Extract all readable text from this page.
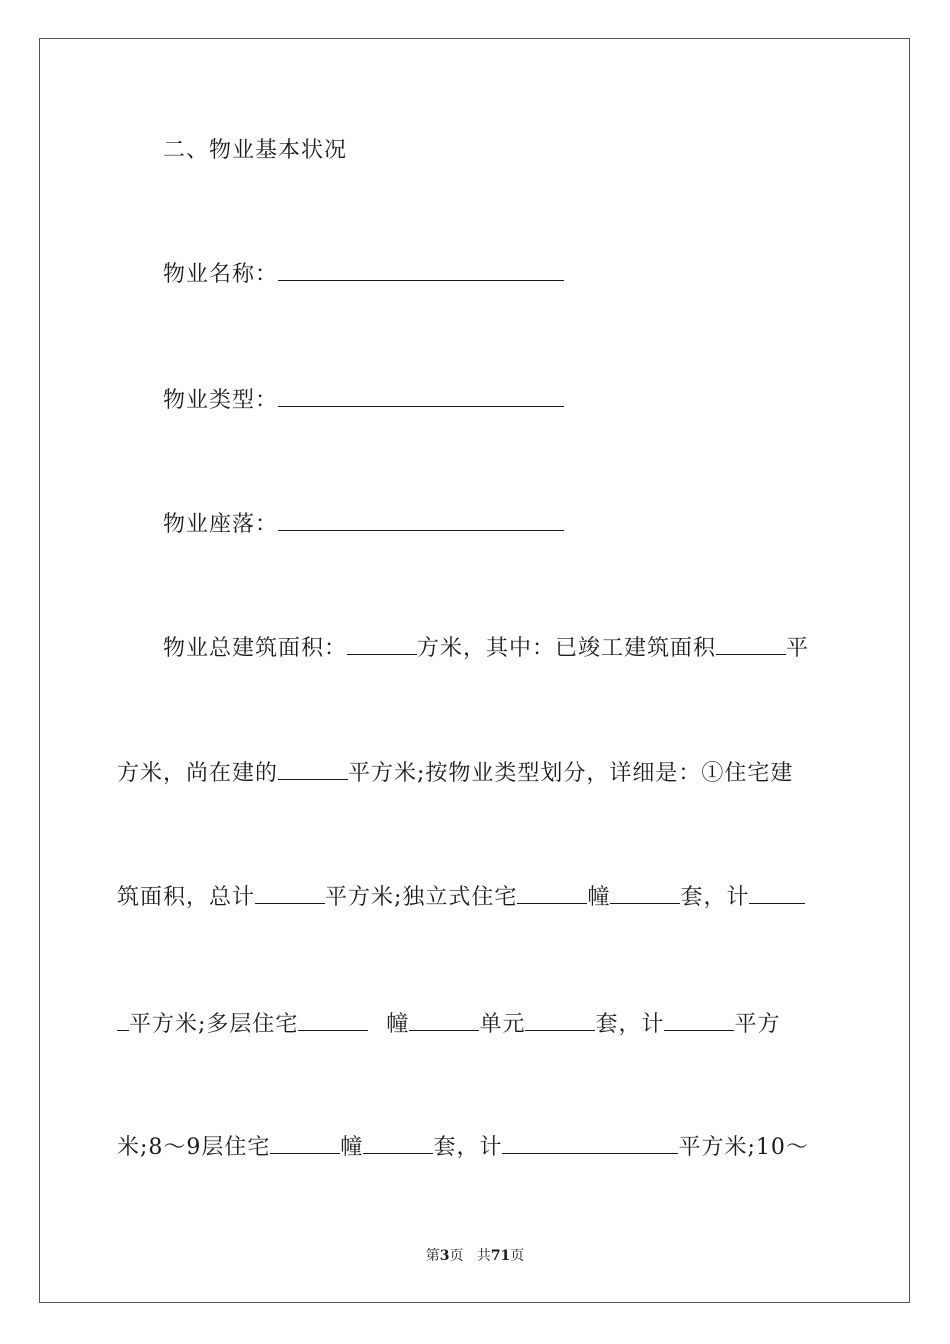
二、物业基本状况
物业名称：
物业类型：
物业座落：
物业总建筑面积：	方米，其中：已竣工建筑面积	平
方米，尚在建的	平方米;按物业类型划分，详细是：①住宅建
筑面积，总计	平方米;独立式住宅	幢	套，计
平方米;多层住宅	幢	单元	套，计	平方
米;8～9层住宅	幢	套，计	平方米;10～
第3页 共71页
